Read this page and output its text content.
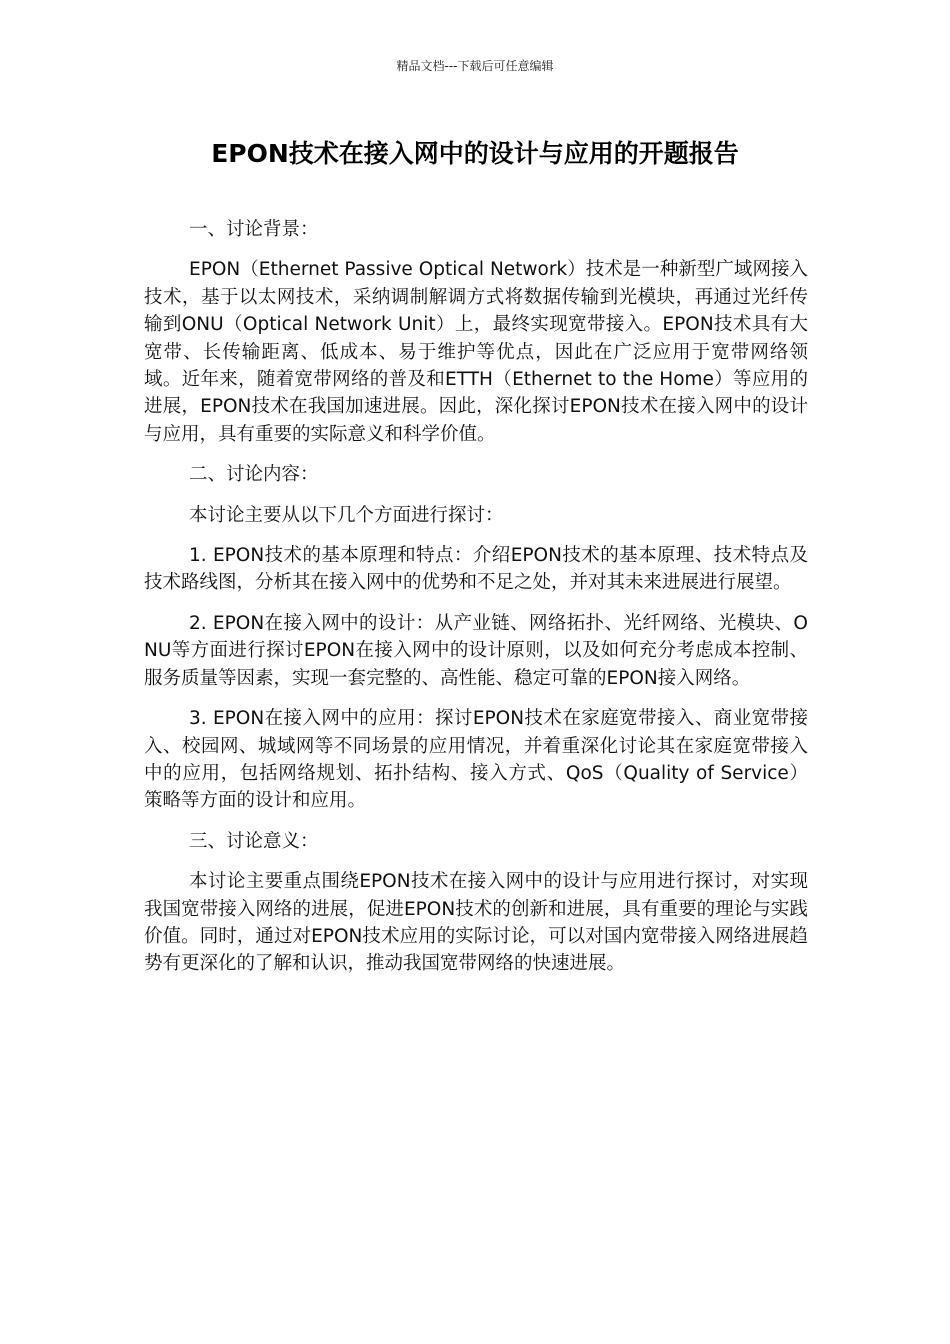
精品文档---下载后可任意编辑
EPON技术在接入网中的设计与应用的开题报告

一、讨论背景：

EPON（Ethernet Passive Optical Network）技术是一种新型广域网接入技术，基于以太网技术，采纳调制解调方式将数据传输到光模块，再通过光纤传输到ONU（Optical Network Unit）上，最终实现宽带接入。EPON技术具有大宽带、长传输距离、低成本、易于维护等优点，因此在广泛应用于宽带网络领域。近年来，随着宽带网络的普及和ETTH（Ethernet to the Home）等应用的进展，EPON技术在我国加速进展。因此，深化探讨EPON技术在接入网中的设计与应用，具有重要的实际意义和科学价值。

二、讨论内容：

本讨论主要从以下几个方面进行探讨：

1. EPON技术的基本原理和特点：介绍EPON技术的基本原理、技术特点及技术路线图，分析其在接入网中的优势和不足之处，并对其未来进展进行展望。

2. EPON在接入网中的设计：从产业链、网络拓扑、光纤网络、光模块、ONU等方面进行探讨EPON在接入网中的设计原则，以及如何充分考虑成本控制、服务质量等因素，实现一套完整的、高性能、稳定可靠的EPON接入网络。

3. EPON在接入网中的应用：探讨EPON技术在家庭宽带接入、商业宽带接入、校园网、城域网等不同场景的应用情况，并着重深化讨论其在家庭宽带接入中的应用，包括网络规划、拓扑结构、接入方式、QoS（Quality of Service）策略等方面的设计和应用。

三、讨论意义：

本讨论主要重点围绕EPON技术在接入网中的设计与应用进行探讨，对实现我国宽带接入网络的进展，促进EPON技术的创新和进展，具有重要的理论与实践价值。同时，通过对EPON技术应用的实际讨论，可以对国内宽带接入网络进展趋势有更深化的了解和认识，推动我国宽带网络的快速进展。
